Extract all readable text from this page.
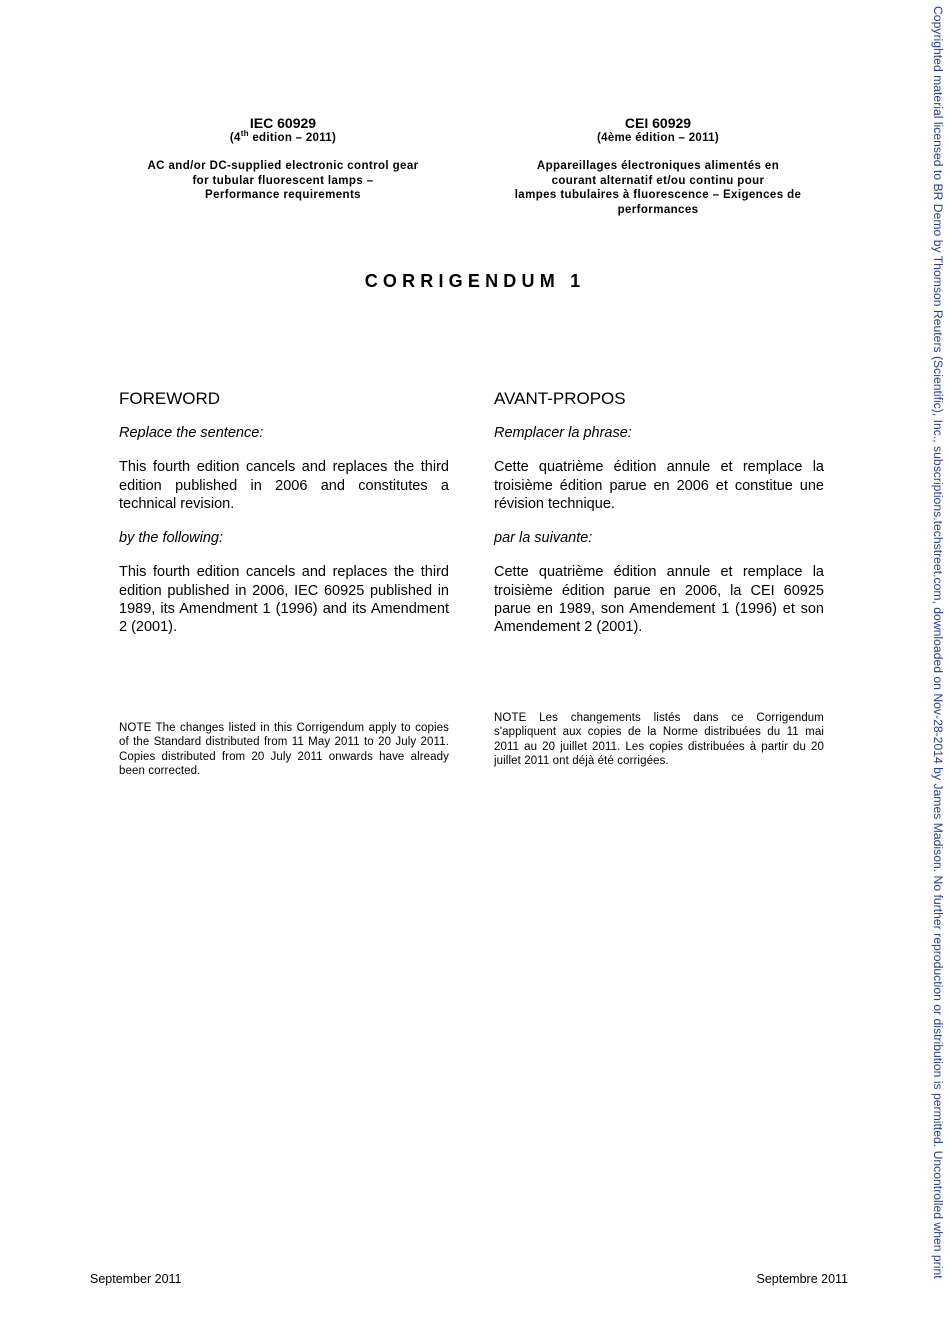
IEC 60929
(4th edition – 2011)
AC and/or DC-supplied electronic control gear
for tubular fluorescent lamps –
Performance requirements
CEI 60929
(4ème édition – 2011)
Appareillages électroniques alimentés en
courant alternatif et/ou continu pour
lampes tubulaires à fluorescence – Exigences de
performances
CORRIGENDUM 1
FOREWORD

Replace the sentence:

This fourth edition cancels and replaces the third edition published in 2006 and constitutes a technical revision.

by the following:

This fourth edition cancels and replaces the third edition published in 2006, IEC 60925 published in 1989, its Amendment 1 (1996) and its Amendment 2 (2001).

NOTE The changes listed in this Corrigendum apply to copies of the Standard distributed from 11 May 2011 to 20 July 2011. Copies distributed from 20 July 2011 onwards have already been corrected.
AVANT-PROPOS

Remplacer la phrase:

Cette quatrième édition annule et remplace la troisième édition parue en 2006 et constitue une révision technique.

par la suivante:

Cette quatrième édition annule et remplace la troisième édition parue en 2006, la CEI 60925 parue en 1989, son Amendement 1 (1996) et son Amendement 2 (2001).

NOTE Les changements listés dans ce Corrigendum s'appliquent aux copies de la Norme distribuées du 11 mai 2011 au 20 juillet 2011. Les copies distribuées à partir du 20 juillet 2011 ont déjà été corrigées.
September 2011	Septembre 2011
Copyrighted material licensed to BR Demo by Thomson Reuters (Scientific), Inc., subscriptions.techstreet.com, downloaded on Nov-28-2014 by James Madison. No further reproduction or distribution is permitted. Uncontrolled when print
